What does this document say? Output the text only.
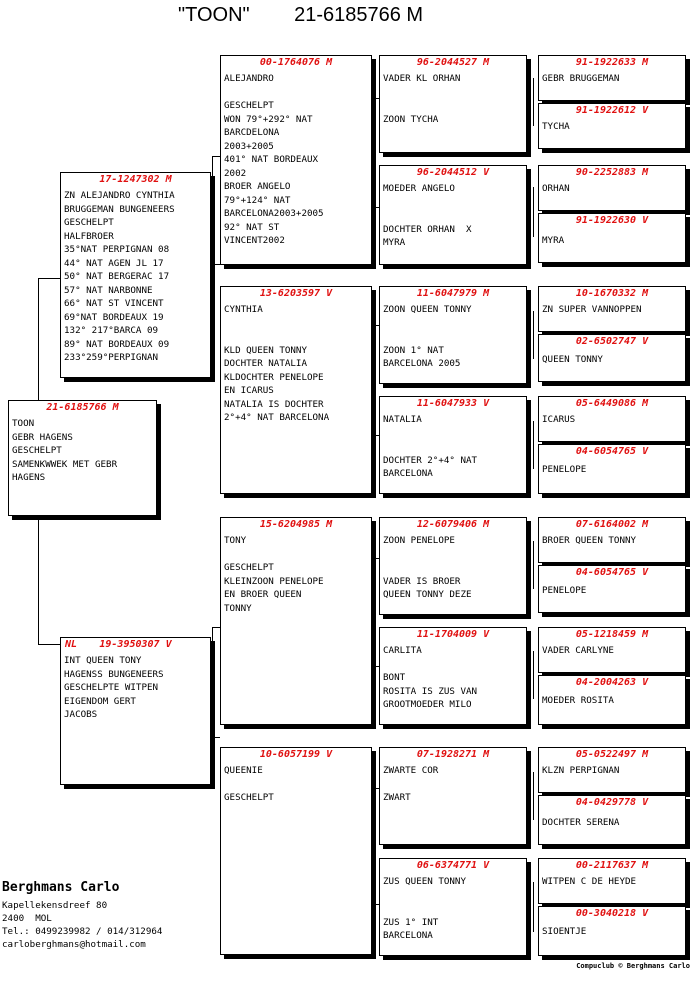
"TOON" 21-6185766 M
21-6185766 M
TOON
GEBR HAGENS
GESCHELPT
SAMENKWWEK MET GEBR
HAGENS
17-1247302 M
ZN ALEJANDRO CYNTHIA
BRUGGEMAN BUNGENEERS
GESCHELPT
HALFBROER
35°NAT PERPIGNAN 08
44° NAT AGEN JL 17
50° NAT BERGERAC 17
57° NAT NARBONNE
66° NAT ST VINCENT
69°NAT BORDEAUX 19
132° 217°BARCA 09
89° NAT BORDEAUX 09
233°259°PERPIGNAN
NL 19-3950307 V
INT QUEEN TONY
HAGENSS BUNGENEERS
GESCHELPTE WITPEN
EIGENDOM GERT
JACOBS
00-1764076 M
ALEJANDRO

GESCHELPT
WON 79°+292° NAT
BARCDELONA
2003+2005
401° NAT BORDEAUX
2002
BROER ANGELO
79°+124° NAT
BARCELONA2003+2005
92° NAT ST
VINCENT2002
13-6203597 V
CYNTHIA

KLD QUEEN TONNY
DOCHTER NATALIA
KLDOCHTER PENELOPE
EN ICARUS
NATALIA IS DOCHTER
2°+4° NAT BARCELONA
15-6204985 M
TONY

GESCHELPT
KLEINZOON PENELOPE
EN BROER QUEEN
TONNY
10-6057199 V
QUEENIE

GESCHELPT
96-2044527 M
VADER KL ORHAN

ZOON TYCHA
96-2044512 V
MOEDER ANGELO

DOCHTER ORHAN  X
MYRA
11-6047979 M
ZOON QUEEN TONNY

ZOON 1° NAT
BARCELONA 2005
11-6047933 V
NATALIA

DOCHTER 2°+4° NAT
BARCELONA
12-6079406 M
ZOON PENELOPE

VADER IS BROER
QUEEN TONNY DEZE
11-1704009 V
CARLITA

BONT
ROSITA IS ZUS VAN
GROOTMOEDER MILO
07-1928271 M
ZWARTE COR

ZWART
06-6374771 V
ZUS QUEEN TONNY

ZUS 1° INT
BARCELONA
91-1922633 M
GEBR BRUGGEMAN
91-1922612 V
TYCHA
90-2252883 M
ORHAN
91-1922630 V
MYRA
10-1670332 M
ZN SUPER VANNOPPEN
02-6502747 V
QUEEN TONNY
05-6449086 M
ICARUS
04-6054765 V
PENELOPE
07-6164002 M
BROER QUEEN TONNY
04-6054765 V
PENELOPE
05-1218459 M
VADER CARLYNE
04-2004263 V
MOEDER ROSITA
05-0522497 M
KLZN PERPIGNAN
04-0429778 V
DOCHTER SERENA
00-2117637 M
WITPEN C DE HEYDE
00-3040218 V
SIOENTJE
Berghmans Carlo
Kapellekensdreef 80
2400  MOL
Tel.: 0499239982 / 014/312964
carloberghmans@hotmail.com
Compuclub © Berghmans Carlo
